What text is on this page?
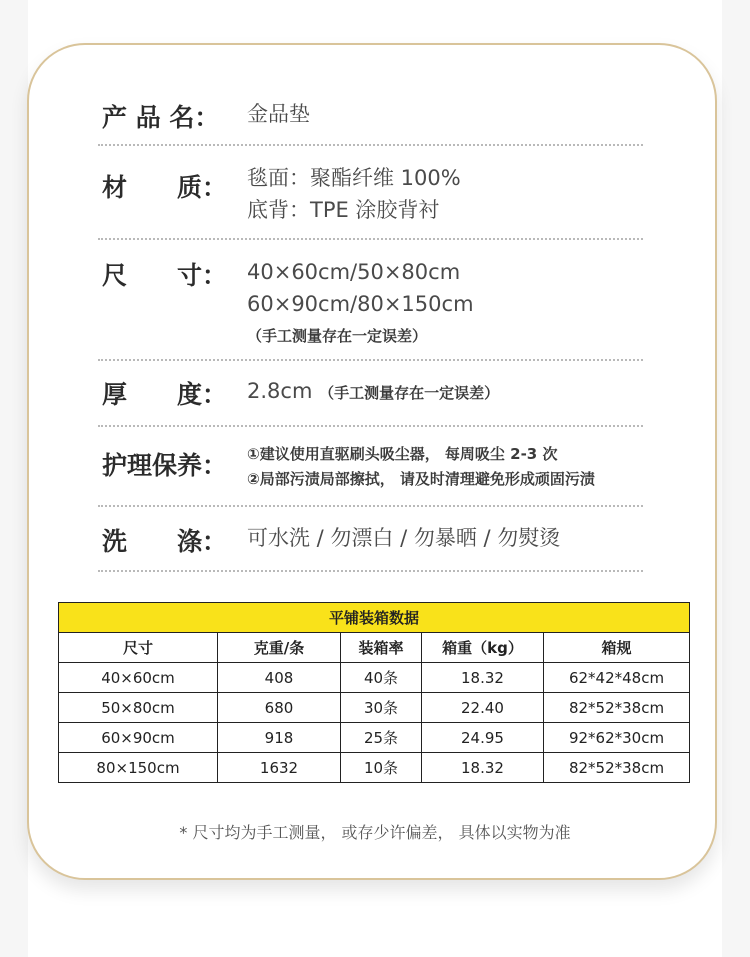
产 品 名： 金品垫
材　　质： 毯面：聚酯纤维 100%
底背：TPE 涂胶背衬
尺　　寸： 40×60cm/50×80cm
60×90cm/80×150cm
（手工测量存在一定误差）
厚　　度： 2.8cm （手工测量存在一定误差）
护理保养： ①建议使用直驱刷头吸尘器， 每周吸尘 2-3 次
②局部污渍局部擦拭， 请及时清理避免形成顽固污渍
洗　　涤： 可水洗 / 勿漂白 / 勿暴晒 / 勿熨烫
平铺装箱数据				
尺寸	克重/条	装箱率	箱重（kg）	箱规
40×60cm	408	40条	18.32	62*42*48cm
50×80cm	680	30条	22.40	82*52*38cm
60×90cm	918	25条	24.95	92*62*30cm
80×150cm	1632	10条	18.32	82*52*38cm
* 尺寸均为手工测量， 或存少许偏差， 具体以实物为准
